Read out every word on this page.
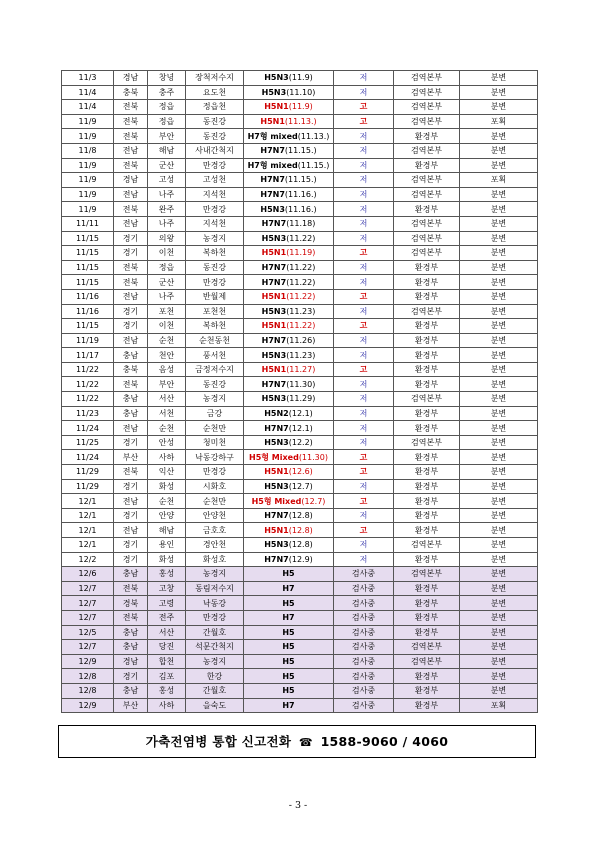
11/3	경남	창녕	장척저수지	H5N3(11.9)	저	검역본부	분변
11/4	충북	충주	요도천	H5N3(11.10)	저	검역본부	분변
11/4	전북	정읍	정읍천	H5N1(11.9)	고	검역본부	분변
11/9	전북	정읍	동진강	H5N1(11.13.)	고	검역본부	포획
11/9	전북	부안	동진강	H7형 mixed(11.13.)	저	환경부	분변
11/8	전남	해남	사내간척지	H7N7(11.15.)	저	검역본부	분변
11/9	전북	군산	만경강	H7형 mixed(11.15.)	저	환경부	분변
11/9	경남	고성	고성천	H7N7(11.15.)	저	검역본부	포획
11/9	전남	나주	지석천	H7N7(11.16.)	저	검역본부	분변
11/9	전북	완주	만경강	H5N3(11.16.)	저	환경부	분변
11/11	전남	나주	지석천	H7N7(11.18)	저	검역본부	분변
11/15	경기	의왕	농경지	H5N3(11.22)	저	검역본부	분변
11/15	경기	이천	복하천	H5N1(11.19)	고	검역본부	분변
11/15	전북	정읍	동진강	H7N7(11.22)	저	환경부	분변
11/15	전북	군산	만경강	H7N7(11.22)	저	환경부	분변
11/16	전남	나주	반월제	H5N1(11.22)	고	환경부	분변
11/16	경기	포천	포천천	H5N3(11.23)	저	검역본부	분변
11/15	경기	이천	복하천	H5N1(11.22)	고	환경부	분변
11/19	전남	순천	순천동천	H7N7(11.26)	저	환경부	분변
11/17	충남	천안	풍서천	H5N3(11.23)	저	환경부	분변
11/22	충북	음성	금정저수지	H5N1(11.27)	고	환경부	분변
11/22	전북	부안	동진강	H7N7(11.30)	저	환경부	분변
11/22	충남	서산	농경지	H5N3(11.29)	저	검역본부	분변
11/23	충남	서천	금강	H5N2(12.1)	저	환경부	분변
11/24	전남	순천	순천만	H7N7(12.1)	저	환경부	분변
11/25	경기	안성	청미천	H5N3(12.2)	저	검역본부	분변
11/24	부산	사하	낙동강하구	H5형 Mixed(11.30)	고	환경부	분변
11/29	전북	익산	만경강	H5N1(12.6)	고	환경부	분변
11/29	경기	화성	시화호	H5N3(12.7)	저	환경부	분변
12/1	전남	순천	순천만	H5형 Mixed(12.7)	고	환경부	분변
12/1	경기	안양	안양천	H7N7(12.8)	저	환경부	분변
12/1	전남	해남	금호호	H5N1(12.8)	고	환경부	분변
12/1	경기	용인	경안천	H5N3(12.8)	저	검역본부	분변
12/2	경기	화성	화성호	H7N7(12.9)	저	환경부	분변
12/6	충남	홍성	농경지	H5	검사중	검역본부	분변
12/7	전북	고창	동림저수지	H7	검사중	환경부	분변
12/7	경북	고령	낙동강	H5	검사중	환경부	분변
12/7	전북	전주	만경강	H7	검사중	환경부	분변
12/5	충남	서산	간월호	H5	검사중	환경부	분변
12/7	충남	당진	석문간척지	H5	검사중	검역본부	분변
12/9	경남	합천	농경지	H5	검사중	검역본부	분변
12/8	경기	김포	한강	H5	검사중	환경부	분변
12/8	충남	홍성	간월호	H5	검사중	환경부	분변
12/9	부산	사하	을숙도	H7	검사중	환경부	포획
가축전염병 통합 신고전화 ☎ 1588-9060 / 4060
- 3 -
